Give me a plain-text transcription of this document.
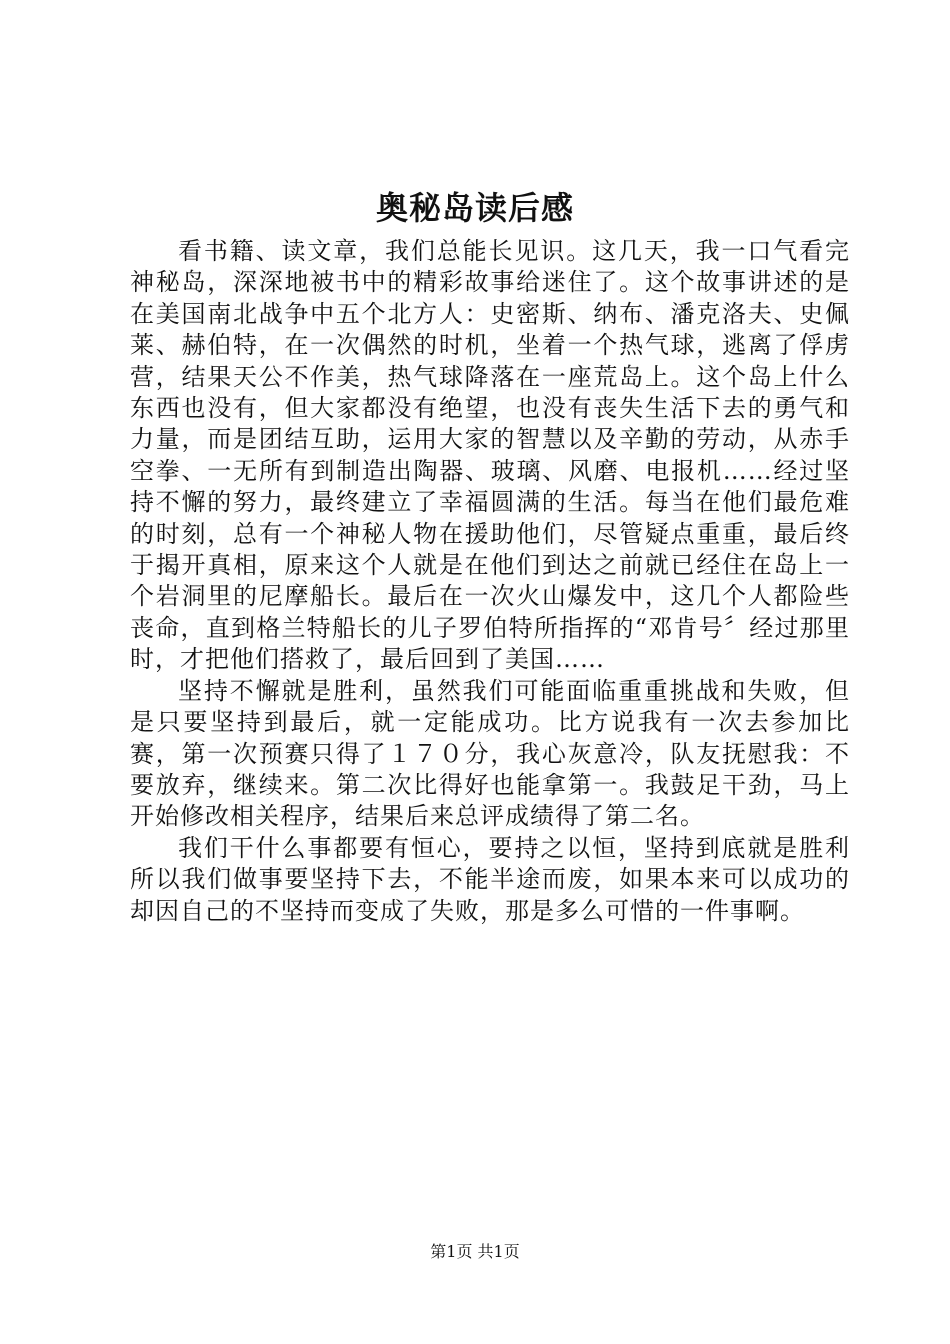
奥秘岛读后感

看书籍、读文章，我们总能长见识。这几天，我一口气看完神秘岛，深深地被书中的精彩故事给迷住了。这个故事讲述的是在美国南北战争中五个北方人：史密斯、纳布、潘克洛夫、史佩莱、赫伯特，在一次偶然的时机，坐着一个热气球，逃离了俘虏营，结果天公不作美，热气球降落在一座荒岛上。这个岛上什么东西也没有，但大家都没有绝望，也没有丧失生活下去的勇气和力量，而是团结互助，运用大家的智慧以及辛勤的劳动，从赤手空拳、一无所有到制造出陶器、玻璃、风磨、电报机……经过坚持不懈的努力，最终建立了幸福圆满的生活。每当在他们最危难的时刻，总有一个神秘人物在援助他们，尽管疑点重重，最后终于揭开真相，原来这个人就是在他们到达之前就已经住在岛上一个岩洞里的尼摩船长。最后在一次火山爆发中，这几个人都险些丧命，直到格兰特船长的儿子罗伯特所指挥的“邓肯号〞经过那里时，才把他们搭救了，最后回到了美国……

坚持不懈就是胜利，虽然我们可能面临重重挑战和失败，但是只要坚持到最后，就一定能成功。比方说我有一次去参加比赛，第一次预赛只得了１７０分，我心灰意冷，队友抚慰我：不要放弃，继续来。第二次比得好也能拿第一。我鼓足干劲，马上开始修改相关程序，结果后来总评成绩得了第二名。

我们干什么事都要有恒心，要持之以恒，坚持到底就是胜利所以我们做事要坚持下去，不能半途而废，如果本来可以成功的却因自己的不坚持而变成了失败，那是多么可惜的一件事啊。

第1页 共1页
